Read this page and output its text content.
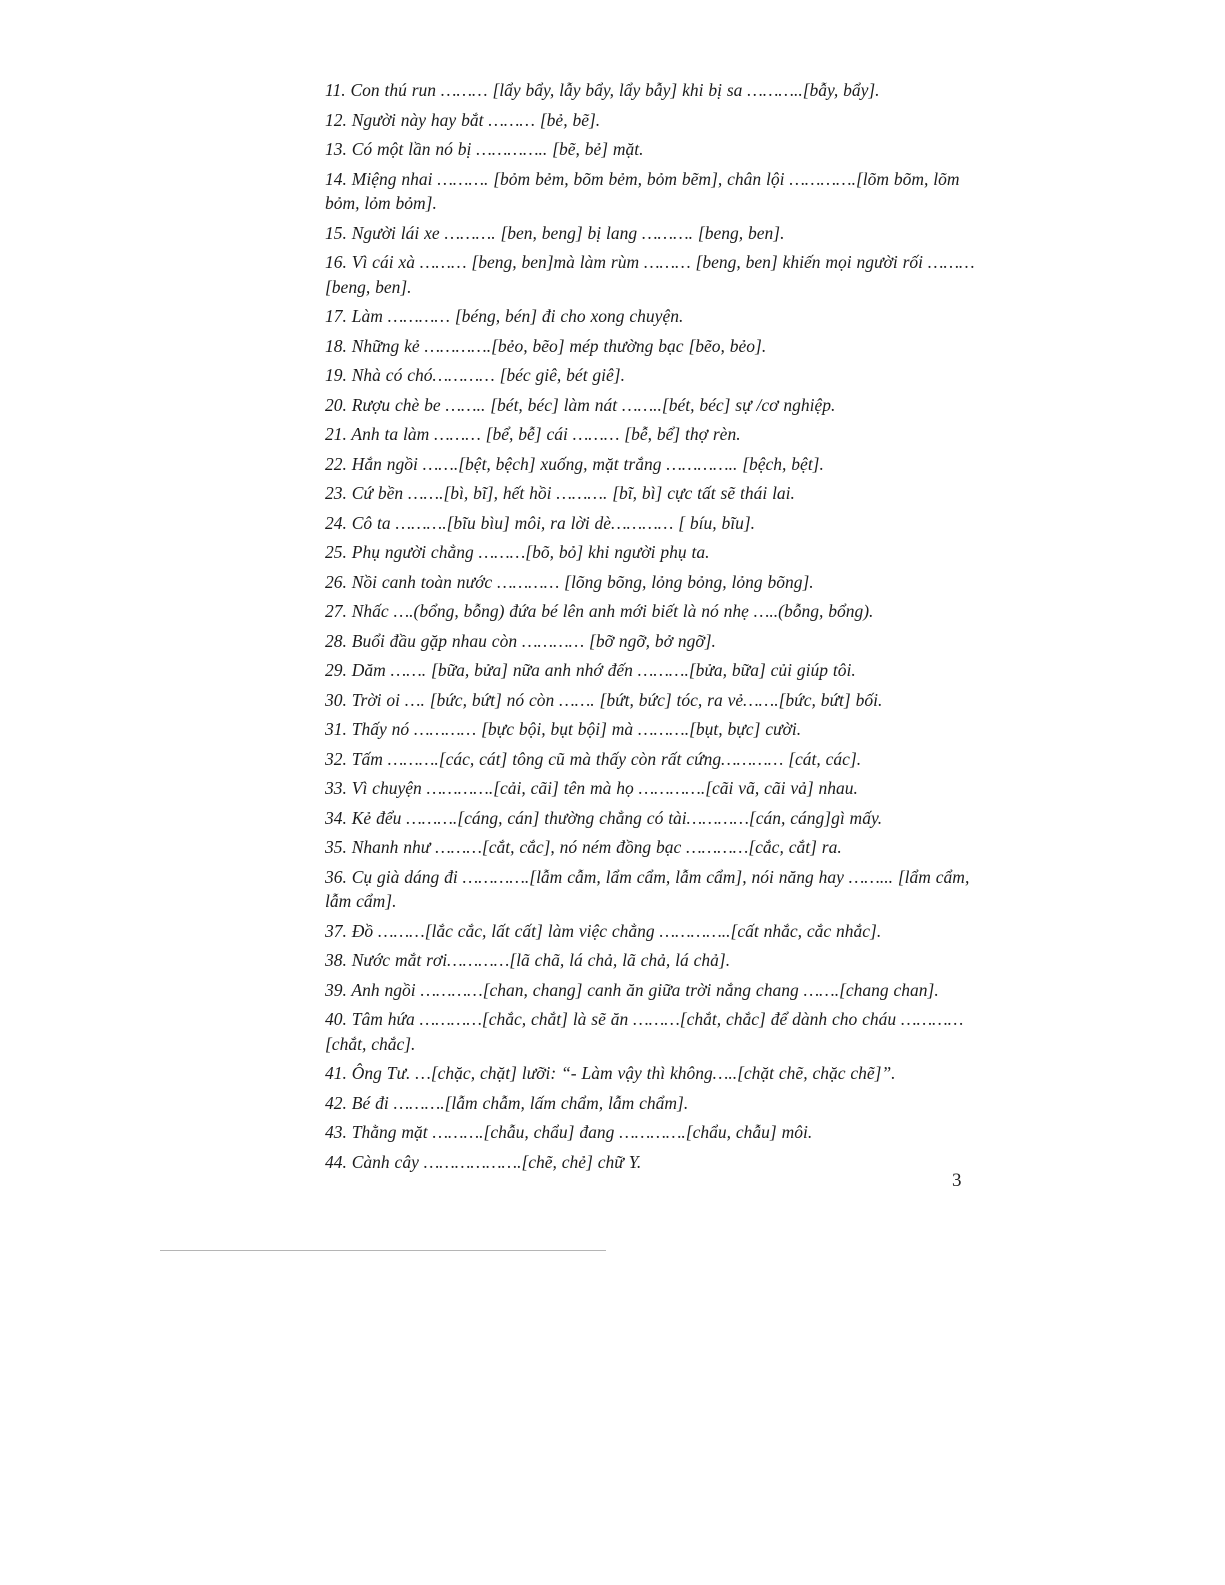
11. Con thú run ……… [lẩy bẩy, lẫy bẩy, lẩy bẫy] khi bị sa ………..[bẫy, bẩy].

12. Người này hay bắt ……… [bẻ, bẽ].

13. Có một lần nó bị ………….. [bẽ, bẻ] mặt.

14. Miệng nhai ………. [bỏm bẻm, bõm bẻm, bỏm bẽm], chân lội ………….[lõm bõm, lõm bỏm, lỏm bỏm].

15. Người lái xe ………. [ben, beng] bị lang ………. [beng, ben].

16. Vì cái xà ……… [beng, ben]mà làm rùm ……… [beng, ben] khiến mọi người rối ……… [beng, ben].

17. Làm ………… [béng, bén] đi cho xong chuyện.

18. Những kẻ ………….[bẻo, bẽo] mép thường bạc [bẽo, bẻo].

19. Nhà có chó………… [béc giê, bét giê].

20. Rượu chè be …….. [bét, béc] làm nát ……..[bét, béc] sự /cơ nghiệp.

21. Anh ta làm ……… [bể, bễ] cái ……… [bễ, bể] thợ rèn.

22. Hắn ngồi …….[bệt, bệch] xuống, mặt trắng ………….. [bệch, bệt].

23. Cứ bền …….[bì, bĩ], hết hồi ………. [bĩ, bì] cực tất sẽ thái lai.

24. Cô ta ……….[bĩu bìu] môi, ra lời dè………… [ bíu, bĩu].

25. Phụ người chẳng ………[bõ, bỏ] khi người phụ ta.

26. Nồi canh toàn nước ………… [lõng bõng, lỏng bỏng, lỏng bõng].

27. Nhấc ….(bổng, bỗng) đứa bé lên anh mới biết là nó nhẹ …..(bỗng, bổng).

28. Buổi đầu gặp nhau còn ………… [bỡ ngỡ, bở ngỡ].

29. Dăm ……. [bữa, bửa] nữa anh nhớ đến ……….[bửa, bữa] củi giúp tôi.

30. Trời oi …. [bức, bứt] nó còn ……. [bứt, bức] tóc, ra vẻ…….[bức, bứt] bối.

31. Thấy nó ………… [bực bội, bụt bội] mà ……….[bụt, bực] cười.

32. Tấm ……….[các, cát] tông cũ mà thấy còn rất cứng………… [cát, các].

33. Vì chuyện ………….[cải, cãi] tên mà họ ………….[cãi vã, cãi vả] nhau.

34. Kẻ đểu ……….[cáng, cán] thường chẳng có tài…………[cán, cáng]gì mấy.

35. Nhanh như ………[cắt, cắc], nó ném đồng bạc …………[cắc, cắt] ra.

36. Cụ già dáng đi ………….[lẫm cẫm, lẩm cẩm, lẫm cẩm], nói năng hay ……... [lẩm cẩm, lẫm cẩm].

37. Đồ ………[lắc cắc, lất cất] làm việc chẳng …………..[cất nhắc, cắc nhắc].

38. Nước mắt rơi…………[lã chã, lá chả, lã chả, lá chả].

39. Anh ngồi …………[chan, chang] canh ăn giữa trời nắng chang …….[chang chan].

40. Tâm hứa …………[chắc, chắt] là sẽ ăn ………[chắt, chắc] để dành cho cháu …………[chắt, chắc].

41. Ông Tư. …[chặc, chặt] lưỡi: “- Làm vậy thì không…..[chặt chẽ, chặc chẽ]”.

42. Bé đi ……….[lẫm chẫm, lấm chẩm, lẫm chẩm].

43. Thằng mặt ……….[chẫu, chẩu] đang ………….[chẩu, chẫu] môi.

44. Cành cây ……………….[chẽ, chẻ] chữ Y.

3
